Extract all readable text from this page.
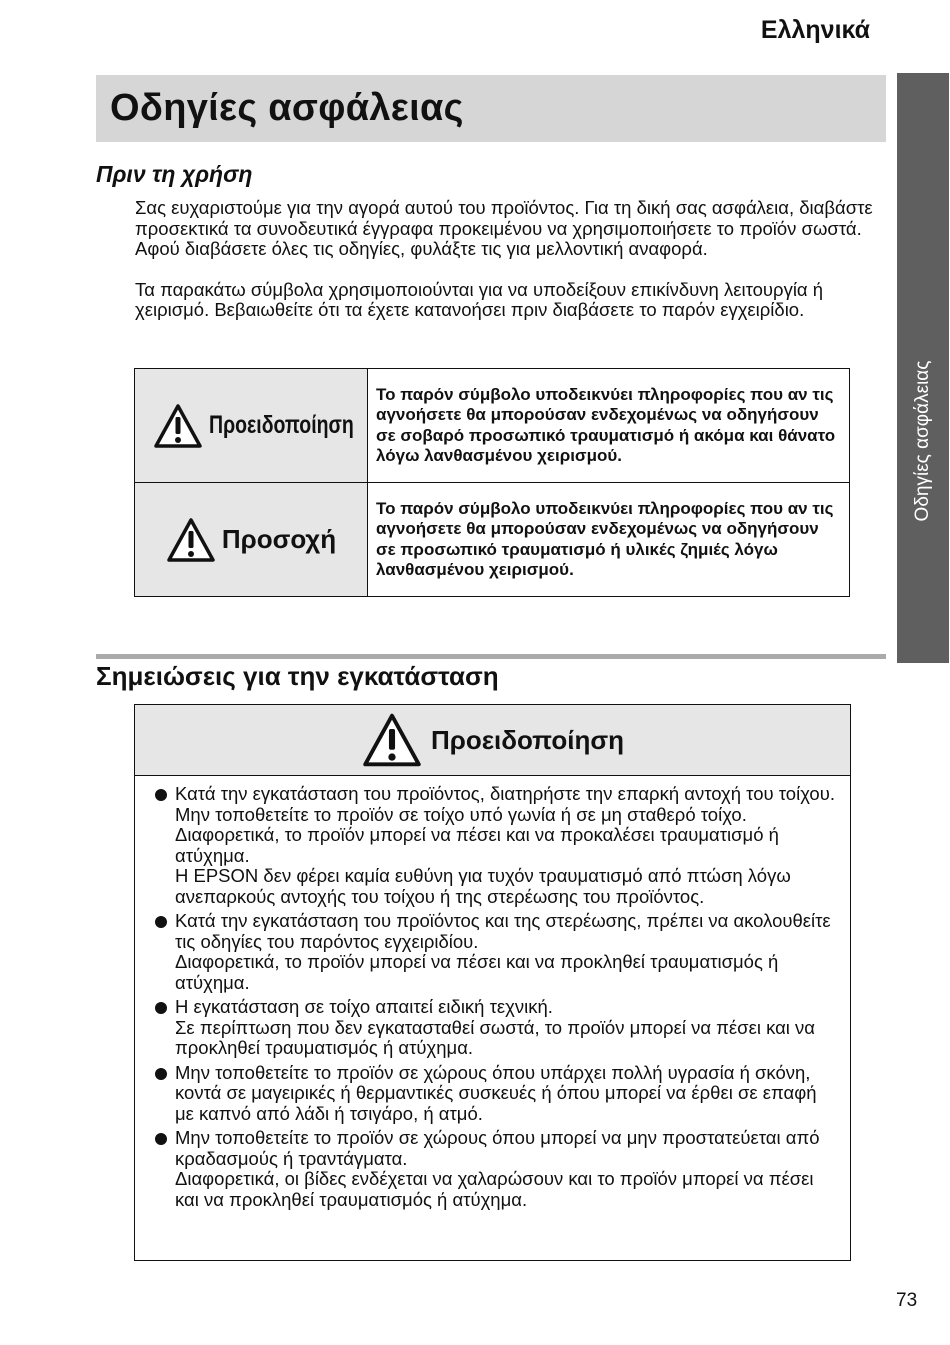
Ελληνικά
Οδηγίες ασφάλειας
Οδηγίες ασφάλειας
Πριν τη χρήση

Σας ευχαριστούμε για την αγορά αυτού του προϊόντος. Για τη δική σας ασφάλεια, διαβάστε προσεκτικά τα συνοδευτικά έγγραφα προκειμένου να χρησιμοποιήσετε το προϊόν σωστά.

Αφού διαβάσετε όλες τις οδηγίες, φυλάξτε τις για μελλοντική αναφορά.

Τα παρακάτω σύμβολα χρησιμοποιούνται για να υποδείξουν επικίνδυνη λειτουργία ή χειρισμό. Βεβαιωθείτε ότι τα έχετε κατανοήσει πριν διαβάσετε το παρόν εγχειρίδιο.

Προειδοποίηση	Το παρόν σύμβολο υποδεικνύει πληροφορίες που αν τις αγνοήσετε θα μπορούσαν ενδεχομένως να οδηγήσουν σε σοβαρό προσωπικό τραυματισμό ή ακόμα και θάνατο λόγω λανθασμένου χειρισμού.

Προσοχή	Το παρόν σύμβολο υποδεικνύει πληροφορίες που αν τις αγνοήσετε θα μπορούσαν ενδεχομένως να οδηγήσουν σε προσωπικό τραυματισμό ή υλικές ζημιές λόγω λανθασμένου χειρισμού.
Σημειώσεις για την εγκατάσταση
Προειδοποίηση

Κατά την εγκατάσταση του προϊόντος, διατηρήστε την επαρκή αντοχή του τοίχου. Μην τοποθετείτε το προϊόν σε τοίχο υπό γωνία ή σε μη σταθερό τοίχο.

Διαφορετικά, το προϊόν μπορεί να πέσει και να προκαλέσει τραυματισμό ή ατύχημα.

Η EPSON δεν φέρει καμία ευθύνη για τυχόν τραυματισμό από πτώση λόγω ανεπαρκούς αντοχής του τοίχου ή της στερέωσης του προϊόντος.

Κατά την εγκατάσταση του προϊόντος και της στερέωσης, πρέπει να ακολουθείτε τις οδηγίες του παρόντος εγχειριδίου.

Διαφορετικά, το προϊόν μπορεί να πέσει και να προκληθεί τραυματισμός ή ατύχημα.

Η εγκατάσταση σε τοίχο απαιτεί ειδική τεχνική.

Σε περίπτωση που δεν εγκατασταθεί σωστά, το προϊόν μπορεί να πέσει και να προκληθεί τραυματισμός ή ατύχημα.

Μην τοποθετείτε το προϊόν σε χώρους όπου υπάρχει πολλή υγρασία ή σκόνη, κοντά σε μαγειρικές ή θερμαντικές συσκευές ή όπου μπορεί να έρθει σε επαφή με καπνό από λάδι ή τσιγάρο, ή ατμό.

Μην τοποθετείτε το προϊόν σε χώρους όπου μπορεί να μην προστατεύεται από κραδασμούς ή τραντάγματα.

Διαφορετικά, οι βίδες ενδέχεται να χαλαρώσουν και το προϊόν μπορεί να πέσει και να προκληθεί τραυματισμός ή ατύχημα.

73
